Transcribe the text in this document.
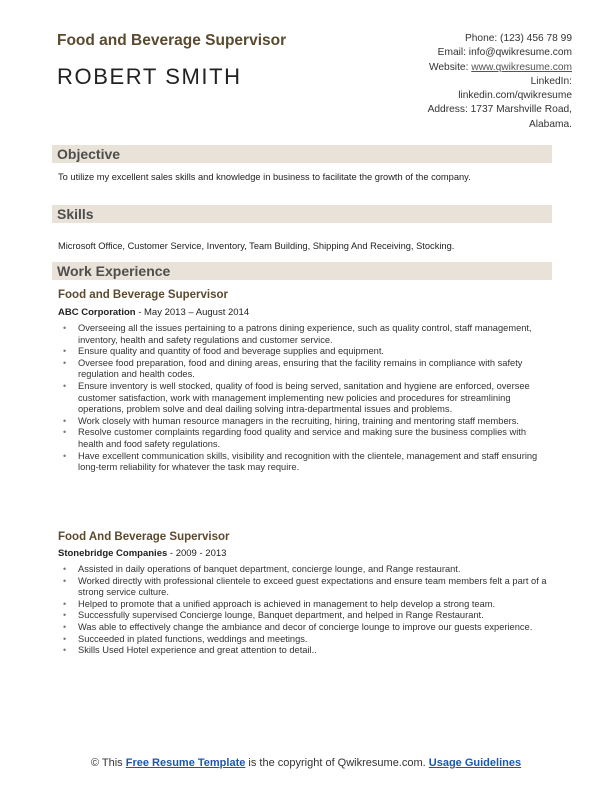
Food and Beverage Supervisor
ROBERT SMITH
Phone: (123) 456 78 99
Email: info@qwikresume.com
Website: www.qwikresume.com
LinkedIn:
linkedin.com/qwikresume
Address: 1737 Marshville Road,
Alabama.
Objective
To utilize my excellent sales skills and knowledge in business to facilitate the growth of the company.
Skills
Microsoft Office, Customer Service, Inventory, Team Building, Shipping And Receiving, Stocking.
Work Experience
Food and Beverage Supervisor
ABC Corporation - May 2013 – August 2014
• Overseeing all the issues pertaining to a patrons dining experience, such as quality control, staff management, inventory, health and safety regulations and customer service.
• Ensure quality and quantity of food and beverage supplies and equipment.
• Oversee food preparation, food and dining areas, ensuring that the facility remains in compliance with safety regulation and health codes.
• Ensure inventory is well stocked, quality of food is being served, sanitation and hygiene are enforced, oversee customer satisfaction, work with management implementing new policies and procedures for streamlining operations, problem solve and deal dailing solving intra-departmental issues and problems.
• Work closely with human resource managers in the recruiting, hiring, training and mentoring staff members.
• Resolve customer complaints regarding food quality and service and making sure the business complies with health and food safety regulations.
• Have excellent communication skills, visibility and recognition with the clientele, management and staff ensuring long-term reliability for whatever the task may require.
Food And Beverage Supervisor
Stonebridge Companies - 2009 - 2013
• Assisted in daily operations of banquet department, concierge lounge, and Range restaurant.
• Worked directly with professional clientele to exceed guest expectations and ensure team members felt a part of a strong service culture.
• Helped to promote that a unified approach is achieved in management to help develop a strong team.
• Successfully supervised Concierge lounge, Banquet department, and helped in Range Restaurant.
• Was able to effectively change the ambiance and decor of concierge lounge to improve our guests experience.
• Succeeded in plated functions, weddings and meetings.
• Skills Used Hotel experience and great attention to detail..
© This Free Resume Template is the copyright of Qwikresume.com. Usage Guidelines
